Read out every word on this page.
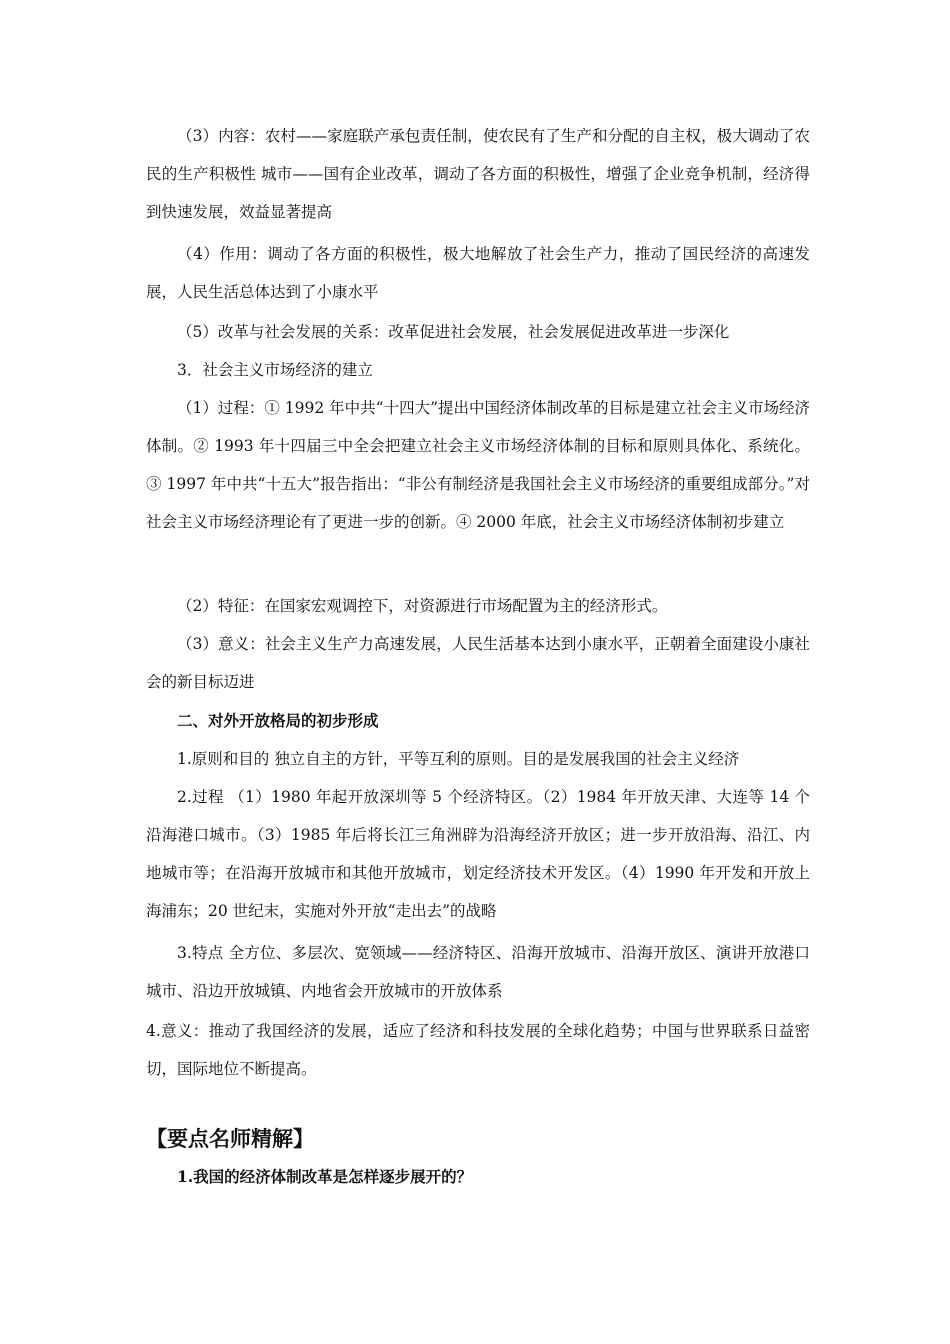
（3）内容：农村——家庭联产承包责任制，使农民有了生产和分配的自主权，极大调动了农民的生产积极性 城市——国有企业改革，调动了各方面的积极性，增强了企业竞争机制，经济得到快速发展，效益显著提高

（4）作用：调动了各方面的积极性，极大地解放了社会生产力，推动了国民经济的高速发展，人民生活总体达到了小康水平

（5）改革与社会发展的关系：改革促进社会发展，社会发展促进改革进一步深化

3．社会主义市场经济的建立

（1）过程：① 1992 年中共“十四大”提出中国经济体制改革的目标是建立社会主义市场经济体制。② 1993 年十四届三中全会把建立社会主义市场经济体制的目标和原则具体化、系统化。③ 1997 年中共“十五大”报告指出：“非公有制经济是我国社会主义市场经济的重要组成部分。”对社会主义市场经济理论有了更进一步的创新。④ 2000 年底，社会主义市场经济体制初步建立

（2）特征：在国家宏观调控下，对资源进行市场配置为主的经济形式。

（3）意义：社会主义生产力高速发展，人民生活基本达到小康水平，正朝着全面建设小康社会的新目标迈进

二、对外开放格局的初步形成

1.原则和目的 独立自主的方针，平等互利的原则。目的是发展我国的社会主义经济

2.过程 （1）1980 年起开放深圳等 5 个经济特区。（2）1984 年开放天津、大连等 14 个沿海港口城市。（3）1985 年后将长江三角洲辟为沿海经济开放区；进一步开放沿海、沿江、内地城市等；在沿海开放城市和其他开放城市，划定经济技术开发区。（4）1990 年开发和开放上海浦东；20 世纪末，实施对外开放“走出去”的战略

3.特点 全方位、多层次、宽领域——经济特区、沿海开放城市、沿海开放区、演讲开放港口城市、沿边开放城镇、内地省会开放城市的开放体系

4.意义：推动了我国经济的发展，适应了经济和科技发展的全球化趋势；中国与世界联系日益密切，国际地位不断提高。

【要点名师精解】

1.我国的经济体制改革是怎样逐步展开的？
